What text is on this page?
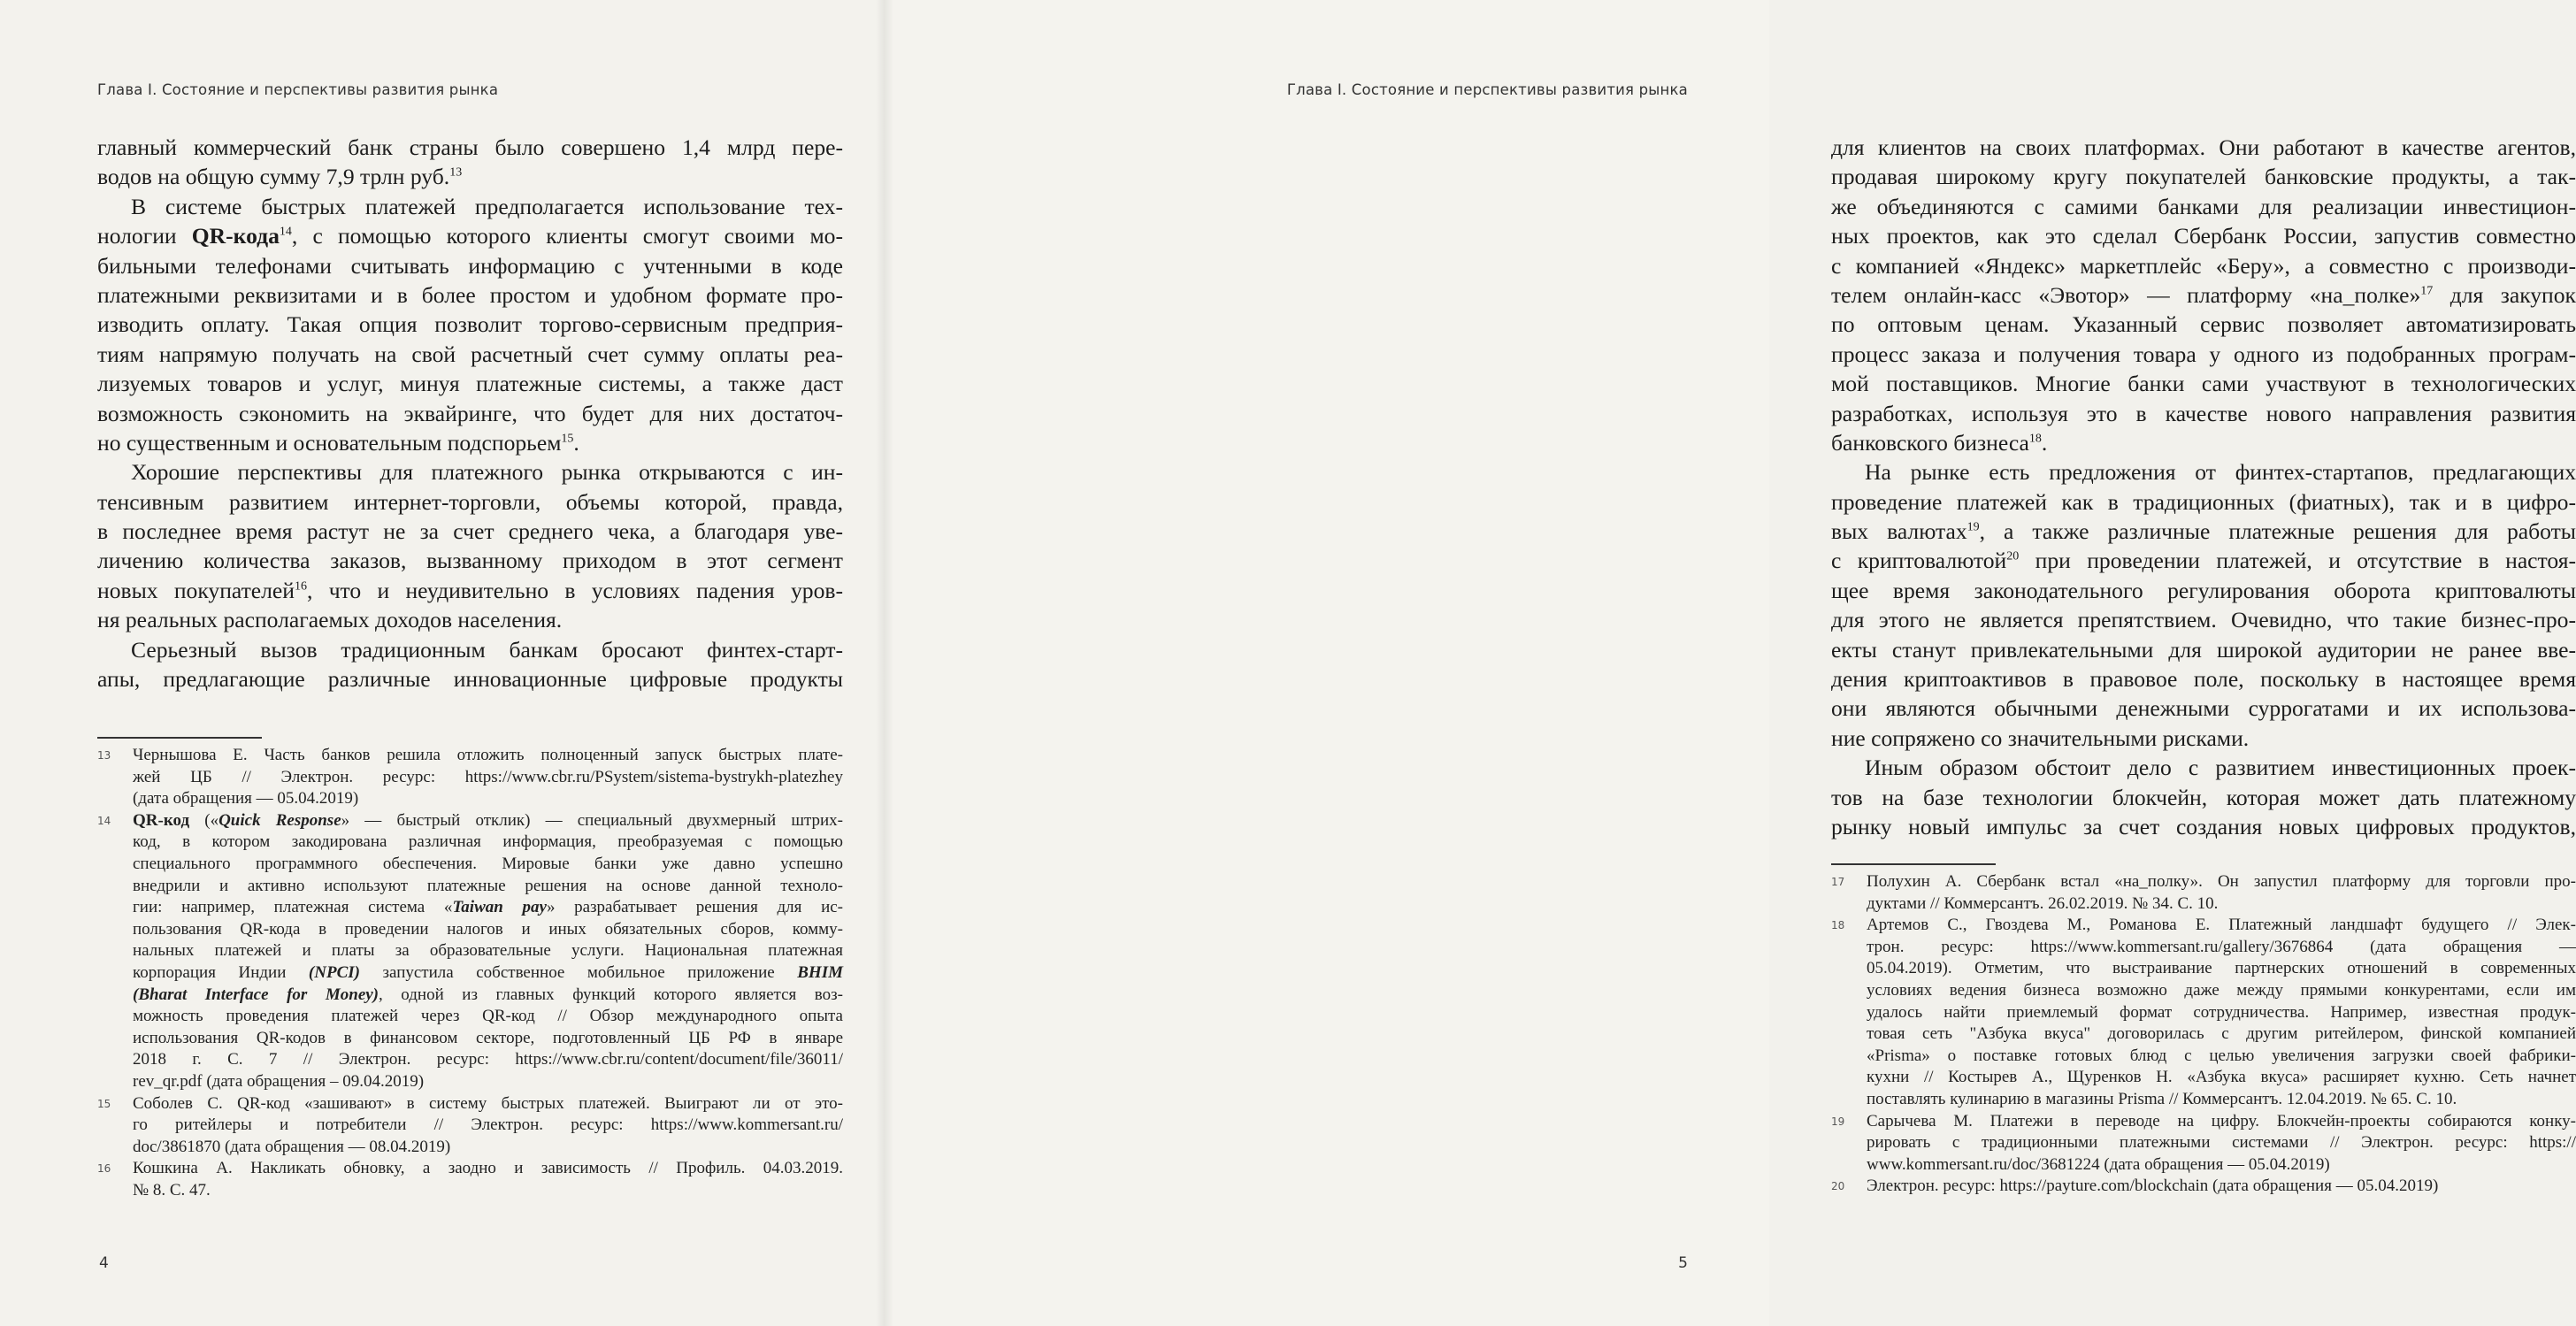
Глава I. Состояние и перспективы развития рынка
главный коммерческий банк страны было совершено 1,4 млрд пере-
водов на общую сумму 7,9 трлн руб.$^{13}$
В системе быстрых платежей предполагается использование тех-
нологии QR-кода$^{14}$, с помощью которого клиенты смогут своими мо-
бильными телефонами считывать информацию с учтенными в коде
платежными реквизитами и в более простом и удобном формате про-
изводить оплату. Такая опция позволит торгово-сервисным предприя-
тиям напрямую получать на свой расчетный счет сумму оплаты реа-
лизуемых товаров и услуг, минуя платежные системы, а также даст
возможность сэкономить на эквайринге, что будет для них достаточ-
но существенным и основательным подспорьем$^{15}$.
Хорошие перспективы для платежного рынка открываются с ин-
тенсивным развитием интернет-торговли, объемы которой, правда,
в последнее время растут не за счет среднего чека, а благодаря уве-
личению количества заказов, вызванному приходом в этот сегмент
новых покупателей$^{16}$, что и неудивительно в условиях падения уров-
ня реальных располагаемых доходов населения.
Серьезный вызов традиционным банкам бросают финтех-старт-
апы, предлагающие различные инновационные цифровые продукты
13 Чернышова Е. Часть банков решила отложить полноценный запуск быстрых плате-
жей ЦБ // Электрон. ресурс: https://www.cbr.ru/PSystem/sistema-bystrykh-platezhey
(дата обращения — 05.04.2019)
14 QR-код («Quick Response» — быстрый отклик) — специальный двухмерный штрих-
код, в котором закодирована различная информация, преобразуемая с помощью
специального программного обеспечения. Мировые банки уже давно успешно
внедрили и активно используют платежные решения на основе данной техноло-
гии: например, платежная система «Taiwan pay» разрабатывает решения для ис-
пользования QR-кода в проведении налогов и иных обязательных сборов, комму-
нальных платежей и платы за образовательные услуги. Национальная платежная
корпорация Индии (NPCI) запустила собственное мобильное приложение BHIM
(Bharat Interface for Money), одной из главных функций которого является воз-
можность проведения платежей через QR-код // Обзор международного опыта
использования QR-кодов в финансовом секторе, подготовленный ЦБ РФ в январе
2018 г. С. 7 // Электрон. ресурс: https://www.cbr.ru/content/document/file/36011/
rev_qr.pdf (дата обращения – 09.04.2019)
15 Соболев С. QR-код «зашивают» в систему быстрых платежей. Выиграют ли от это-
го ритейлеры и потребители // Электрон. ресурс: https://www.kommersant.ru/
doc/3861870 (дата обращения — 08.04.2019)
16 Кошкина А. Накликать обновку, а заодно и зависимость // Профиль. 04.03.2019.
№ 8. С. 47.
4
Глава I. Состояние и перспективы развития рынка
для клиентов на своих платформах. Они работают в качестве агентов,
продавая широкому кругу покупателей банковские продукты, а так-
же объединяются с самими банками для реализации инвестицион-
ных проектов, как это сделал Сбербанк России, запустив совместно
с компанией «Яндекс» маркетплейс «Беру», а совместно с производи-
телем онлайн-касс «Эвотор» — платформу «на_полке»$^{17}$ для закупок
по оптовым ценам. Указанный сервис позволяет автоматизировать
процесс заказа и получения товара у одного из подобранных програм-
мой поставщиков. Многие банки сами участвуют в технологических
разработках, используя это в качестве нового направления развития
банковского бизнеса$^{18}$.
На рынке есть предложения от финтех-стартапов, предлагающих
проведение платежей как в традиционных (фиатных), так и в цифро-
вых валютах$^{19}$, а также различные платежные решения для работы
с криптовалютой$^{20}$ при проведении платежей, и отсутствие в настоя-
щее время законодательного регулирования оборота криптовалюты
для этого не является препятствием. Очевидно, что такие бизнес-про-
екты станут привлекательными для широкой аудитории не ранее вве-
дения криптоактивов в правовое поле, поскольку в настоящее время
они являются обычными денежными суррогатами и их использова-
ние сопряжено со значительными рисками.
Иным образом обстоит дело с развитием инвестиционных проек-
тов на базе технологии блокчейн, которая может дать платежному
рынку новый импульс за счет создания новых цифровых продуктов,
17 Полухин А. Сбербанк встал «на_полку». Он запустил платформу для торговли про-
дуктами // Коммерсантъ. 26.02.2019. № 34. С. 10.
18 Артемов С., Гвоздева М., Романова Е. Платежный ландшафт будущего // Элек-
трон. ресурс: https://www.kommersant.ru/gallery/3676864 (дата обращения —
05.04.2019). Отметим, что выстраивание партнерских отношений в современных
условиях ведения бизнеса возможно даже между прямыми конкурентами, если им
удалось найти приемлемый формат сотрудничества. Например, известная продук-
товая сеть "Азбука вкуса" договорилась с другим ритейлером, финской компанией
«Prisma» о поставке готовых блюд с целью увеличения загрузки своей фабрики-
кухни // Костырев А., Щуренков Н. «Азбука вкуса» расширяет кухню. Сеть начнет
поставлять кулинарию в магазины Prisma // Коммерсантъ. 12.04.2019. № 65. С. 10.
19 Сарычева М. Платежи в переводе на цифру. Блокчейн-проекты собираются конку-
рировать с традиционными платежными системами // Электрон. ресурс: https://
www.kommersant.ru/doc/3681224 (дата обращения — 05.04.2019)
20 Электрон. ресурс: https://payture.com/blockchain (дата обращения — 05.04.2019)
5
